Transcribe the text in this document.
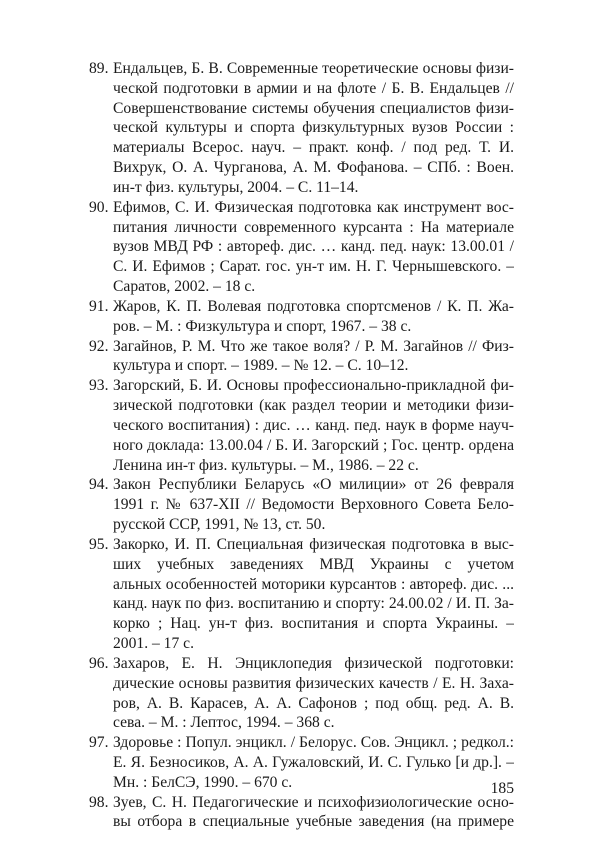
89. Ендальцев, Б. В. Современные теоретические основы физи-
ческой подготовки в армии и на флоте / Б. В. Ендальцев //
Совершенствование системы обучения специалистов физи-
ческой культуры и спорта физкультурных вузов России :
материалы Всерос. науч. – практ. конф. / под ред. Т. И.
Вихрук, О. А. Чурганова, А. М. Фофанова. – СПб. : Воен.
ин-т физ. культуры, 2004. – С. 11–14.
90. Ефимов, С. И. Физическая подготовка как инструмент вос-
питания личности современного курсанта : На материале
вузов МВД РФ : автореф. дис. … канд. пед. наук: 13.00.01 /
С. И. Ефимов ; Сарат. гос. ун-т им. Н. Г. Чернышевского. –
Саратов, 2002. – 18 с.
91. Жаров, К. П. Волевая подготовка спортсменов / К. П. Жа-
ров. – М. : Физкультура и спорт, 1967. – 38 с.
92. Загайнов, Р. М. Что же такое воля? / Р. М. Загайнов // Физ-
культура и спорт. – 1989. – № 12. – С. 10–12.
93. Загорский, Б. И. Основы профессионально-прикладной фи-
зической подготовки (как раздел теории и методики физи-
ческого воспитания) : дис. … канд. пед. наук в форме науч-
ного доклада: 13.00.04 / Б. И. Загорский ; Гос. центр. ордена
Ленина ин-т физ. культуры. – М., 1986. – 22 с.
94. Закон Республики Беларусь «О милиции» от 26 февраля
1991 г. № 637-XII // Ведомости Верховного Совета Бело-
русской ССР, 1991, № 13, ст. 50.
95. Закорко, И. П. Специальная физическая подготовка в выс-
ших учебных заведениях МВД Украины с учетом
альных особенностей моторики курсантов : автореф. дис. ...
канд. наук по физ. воспитанию и спорту: 24.00.02 / И. П. За-
корко ; Нац. ун-т физ. воспитания и спорта Украины. –
2001. – 17 с.
96. Захаров, Е. Н. Энциклопедия физической подготовки:
дические основы развития физических качеств / Е. Н. Заха-
ров, А. В. Карасев, А. А. Сафонов ; под общ. ред. А. В.
сева. – М. : Лептос, 1994. – 368 с.
97. Здоровье : Попул. энцикл. / Белорус. Сов. Энцикл. ; редкол.:
Е. Я. Безносиков, А. А. Гужаловский, И. С. Гулько [и др.]. –
Мн. : БелСЭ, 1990. – 670 с.
98. Зуев, С. Н. Педагогические и психофизиологические осно-
вы отбора в специальные учебные заведения (на примере
185
